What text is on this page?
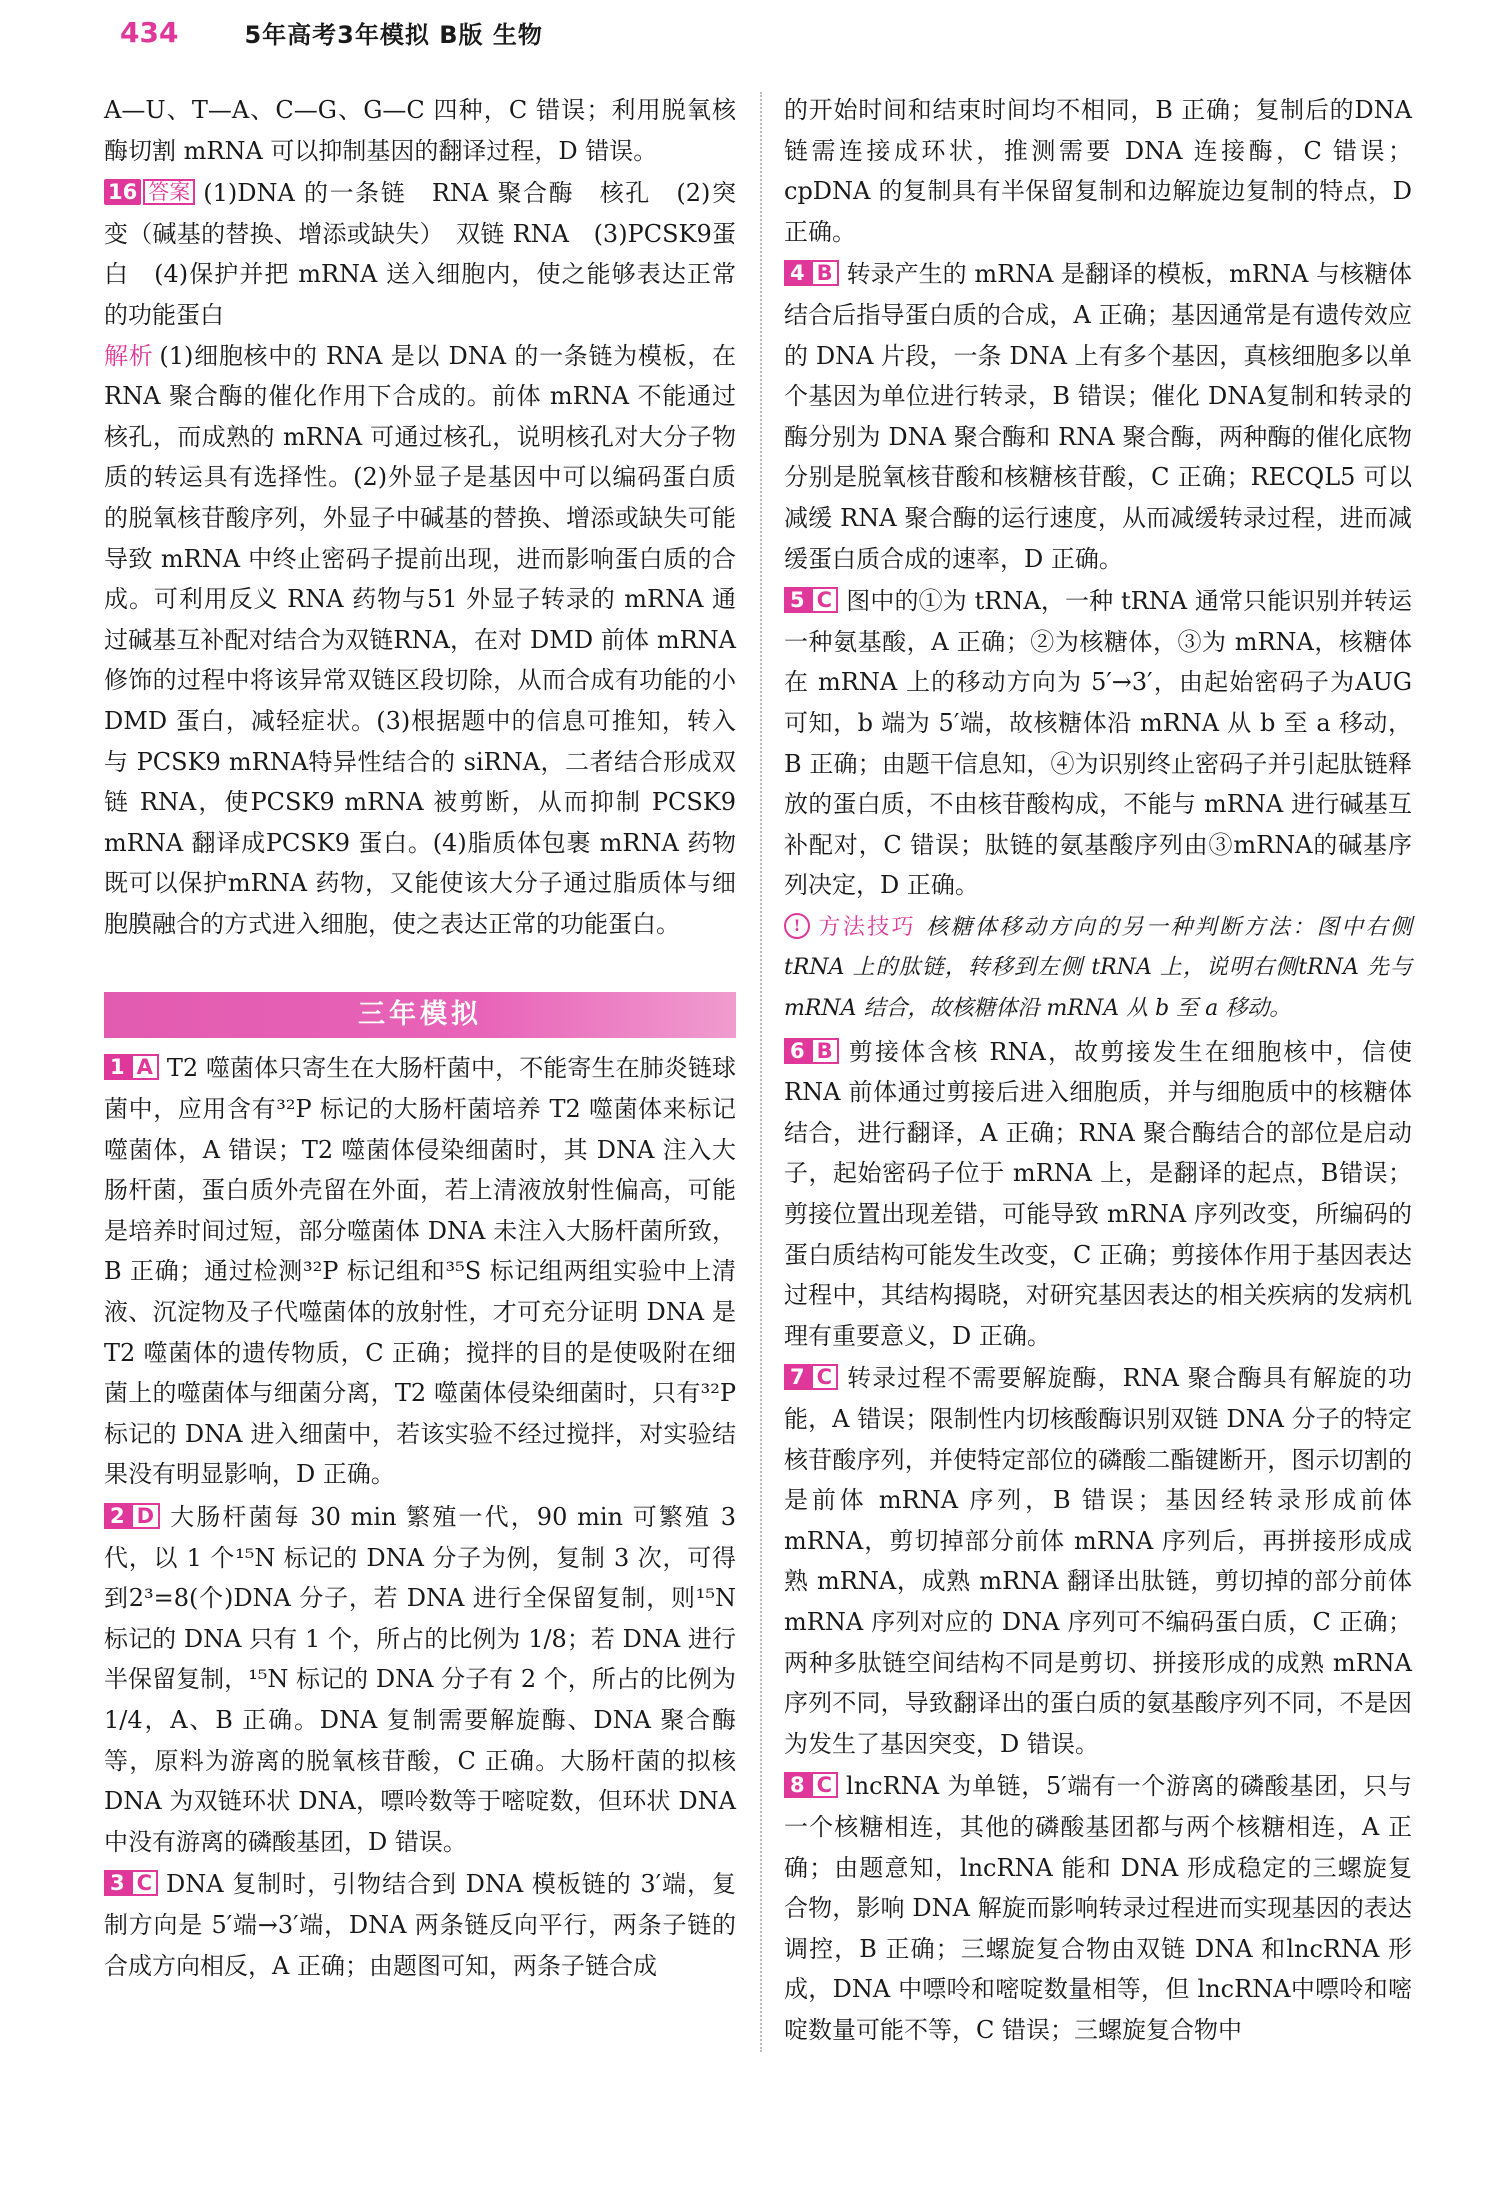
434	5年高考3年模拟 B版 生物

A—U、T—A、C—G、G—C 四种，C 错误；利用脱氧核酶切割 mRNA 可以抑制基因的翻译过程，D 错误。

16 答案 (1)DNA 的一条链　RNA 聚合酶　核孔　(2)突变（碱基的替换、增添或缺失）　双链 RNA　(3)PCSK9蛋白　(4)保护并把 mRNA 送入细胞内，使之能够表达正常的功能蛋白

解析 (1)细胞核中的 RNA 是以 DNA 的一条链为模板，在 RNA 聚合酶的催化作用下合成的。前体 mRNA 不能通过核孔，而成熟的 mRNA 可通过核孔，说明核孔对大分子物质的转运具有选择性。(2)外显子是基因中可以编码蛋白质的脱氧核苷酸序列，外显子中碱基的替换、增添或缺失可能导致 mRNA 中终止密码子提前出现，进而影响蛋白质的合成。可利用反义 RNA 药物与51 外显子转录的 mRNA 通过碱基互补配对结合为双链RNA，在对 DMD 前体 mRNA 修饰的过程中将该异常双链区段切除，从而合成有功能的小 DMD 蛋白，减轻症状。(3)根据题中的信息可推知，转入与 PCSK9 mRNA特异性结合的 siRNA，二者结合形成双链 RNA，使PCSK9 mRNA 被剪断，从而抑制 PCSK9 mRNA 翻译成PCSK9 蛋白。(4)脂质体包裹 mRNA 药物既可以保护mRNA 药物，又能使该大分子通过脂质体与细胞膜融合的方式进入细胞，使之表达正常的功能蛋白。

三年模拟

1 A T2 噬菌体只寄生在大肠杆菌中，不能寄生在肺炎链球菌中，应用含有³²P 标记的大肠杆菌培养 T2 噬菌体来标记噬菌体，A 错误；T2 噬菌体侵染细菌时，其 DNA 注入大肠杆菌，蛋白质外壳留在外面，若上清液放射性偏高，可能是培养时间过短，部分噬菌体 DNA 未注入大肠杆菌所致，B 正确；通过检测³²P 标记组和³⁵S 标记组两组实验中上清液、沉淀物及子代噬菌体的放射性，才可充分证明 DNA 是 T2 噬菌体的遗传物质，C 正确；搅拌的目的是使吸附在细菌上的噬菌体与细菌分离，T2 噬菌体侵染细菌时，只有³²P 标记的 DNA 进入细菌中，若该实验不经过搅拌，对实验结果没有明显影响，D 正确。

2 D 大肠杆菌每 30 min 繁殖一代，90 min 可繁殖 3代，以 1 个¹⁵N 标记的 DNA 分子为例，复制 3 次，可得到2³=8(个)DNA 分子，若 DNA 进行全保留复制，则¹⁵N 标记的 DNA 只有 1 个，所占的比例为 1/8；若 DNA 进行半保留复制，¹⁵N 标记的 DNA 分子有 2 个，所占的比例为1/4，A、B 正确。DNA 复制需要解旋酶、DNA 聚合酶等，原料为游离的脱氧核苷酸，C 正确。大肠杆菌的拟核DNA 为双链环状 DNA，嘌呤数等于嘧啶数，但环状 DNA中没有游离的磷酸基团，D 错误。

3 C DNA 复制时，引物结合到 DNA 模板链的 3′端，复制方向是 5′端→3′端，DNA 两条链反向平行，两条子链的合成方向相反，A 正确；由题图可知，两条子链合成

的开始时间和结束时间均不相同，B 正确；复制后的DNA 链需连接成环状，推测需要 DNA 连接酶，C 错误；cpDNA 的复制具有半保留复制和边解旋边复制的特点，D 正确。

4 B 转录产生的 mRNA 是翻译的模板，mRNA 与核糖体结合后指导蛋白质的合成，A 正确；基因通常是有遗传效应的 DNA 片段，一条 DNA 上有多个基因，真核细胞多以单个基因为单位进行转录，B 错误；催化 DNA复制和转录的酶分别为 DNA 聚合酶和 RNA 聚合酶，两种酶的催化底物分别是脱氧核苷酸和核糖核苷酸，C 正确；RECQL5 可以减缓 RNA 聚合酶的运行速度，从而减缓转录过程，进而减缓蛋白质合成的速率，D 正确。

5 C 图中的①为 tRNA，一种 tRNA 通常只能识别并转运一种氨基酸，A 正确；②为核糖体，③为 mRNA，核糖体在 mRNA 上的移动方向为 5′→3′，由起始密码子为AUG 可知，b 端为 5′端，故核糖体沿 mRNA 从 b 至 a 移动，B 正确；由题干信息知，④为识别终止密码子并引起肽链释放的蛋白质，不由核苷酸构成，不能与 mRNA 进行碱基互补配对，C 错误；肽链的氨基酸序列由③mRNA的碱基序列决定，D 正确。

! 方法技巧 核糖体移动方向的另一种判断方法：图中右侧 tRNA 上的肽链，转移到左侧 tRNA 上，说明右侧tRNA 先与 mRNA 结合，故核糖体沿 mRNA 从 b 至 a 移动。

6 B 剪接体含核 RNA，故剪接发生在细胞核中，信使RNA 前体通过剪接后进入细胞质，并与细胞质中的核糖体结合，进行翻译，A 正确；RNA 聚合酶结合的部位是启动子，起始密码子位于 mRNA 上，是翻译的起点，B错误；剪接位置出现差错，可能导致 mRNA 序列改变，所编码的蛋白质结构可能发生改变，C 正确；剪接体作用于基因表达过程中，其结构揭晓，对研究基因表达的相关疾病的发病机理有重要意义，D 正确。

7 C 转录过程不需要解旋酶，RNA 聚合酶具有解旋的功能，A 错误；限制性内切核酸酶识别双链 DNA 分子的特定核苷酸序列，并使特定部位的磷酸二酯键断开，图示切割的是前体 mRNA 序列，B 错误；基因经转录形成前体 mRNA，剪切掉部分前体 mRNA 序列后，再拼接形成成熟 mRNA，成熟 mRNA 翻译出肽链，剪切掉的部分前体 mRNA 序列对应的 DNA 序列可不编码蛋白质，C 正确；两种多肽链空间结构不同是剪切、拼接形成的成熟 mRNA 序列不同，导致翻译出的蛋白质的氨基酸序列不同，不是因为发生了基因突变，D 错误。

8 C lncRNA 为单链，5′端有一个游离的磷酸基团，只与一个核糖相连，其他的磷酸基团都与两个核糖相连，A 正确；由题意知，lncRNA 能和 DNA 形成稳定的三螺旋复合物，影响 DNA 解旋而影响转录过程进而实现基因的表达调控，B 正确；三螺旋复合物由双链 DNA 和lncRNA 形成，DNA 中嘌呤和嘧啶数量相等，但 lncRNA中嘌呤和嘧啶数量可能不等，C 错误；三螺旋复合物中
